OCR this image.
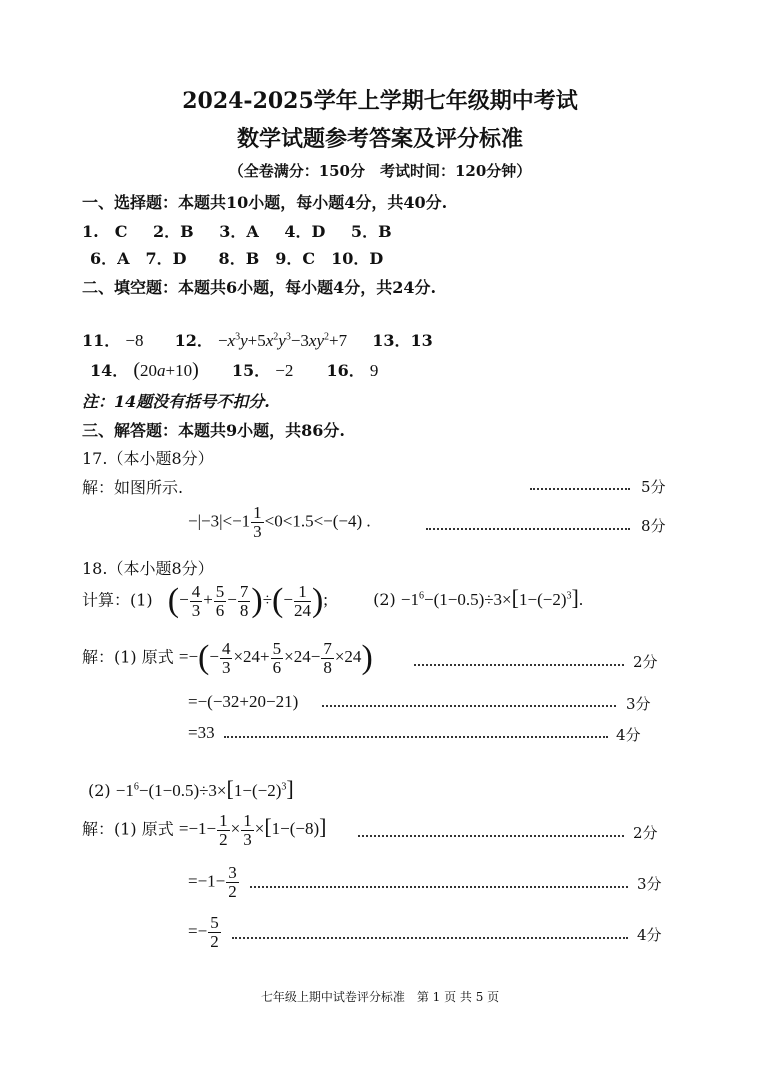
2024-2025学年上学期七年级期中考试
数学试题参考答案及评分标准
（全卷满分：150分　考试时间：120分钟）
一、选择题：本题共10小题，每小题4分，共40分.
1.　C　 2．B　 3．A　 4．D　 5．B
6．A　7．D　　8．B　9．C　10．D
二、填空题：本题共6小题，每小题4分，共24分.
11． −8 12． $-x^3y+5x^2y^3-3xy^2+7$ 13．13
14． (20a+10) 15． −2 16． 9
注：14题没有括号不扣分.
三、解答题：本题共9小题，共86分.
17.（本小题8分）
解：如图所示.	5分
$-|-3|<-1 \frac{1}{3} <0<1.5<-(-4)$ .	8分
18.（本小题8分）
计算：(1) (− $\frac{4}{3} + \frac{5}{6} - \frac{7}{8}$ )÷(− $\frac{1}{24}$ );	$(2) -1^6-(1-0.5)\div 3\times[1-(-2)^3]$.
解：(1) 原式 =−(− $\frac{4}{3} \times 24+ \frac{5}{6} \times 24- \frac{7}{8} \times 24$)	2分
=−(−32+20−21)	3分
=33	4分
$(2) -1^6-(1-0.5)\div 3\times[1-(-2)^3]$
解：(1) 原式 $=-1- \frac{1}{2} \times \frac{1}{3} \times[1-(-8)]$	2分
$=-1- \frac{3}{2}$	3分
=− $\frac{5}{2}$	4分
七年级上期中试卷评分标准　第 1 页 共 5 页
